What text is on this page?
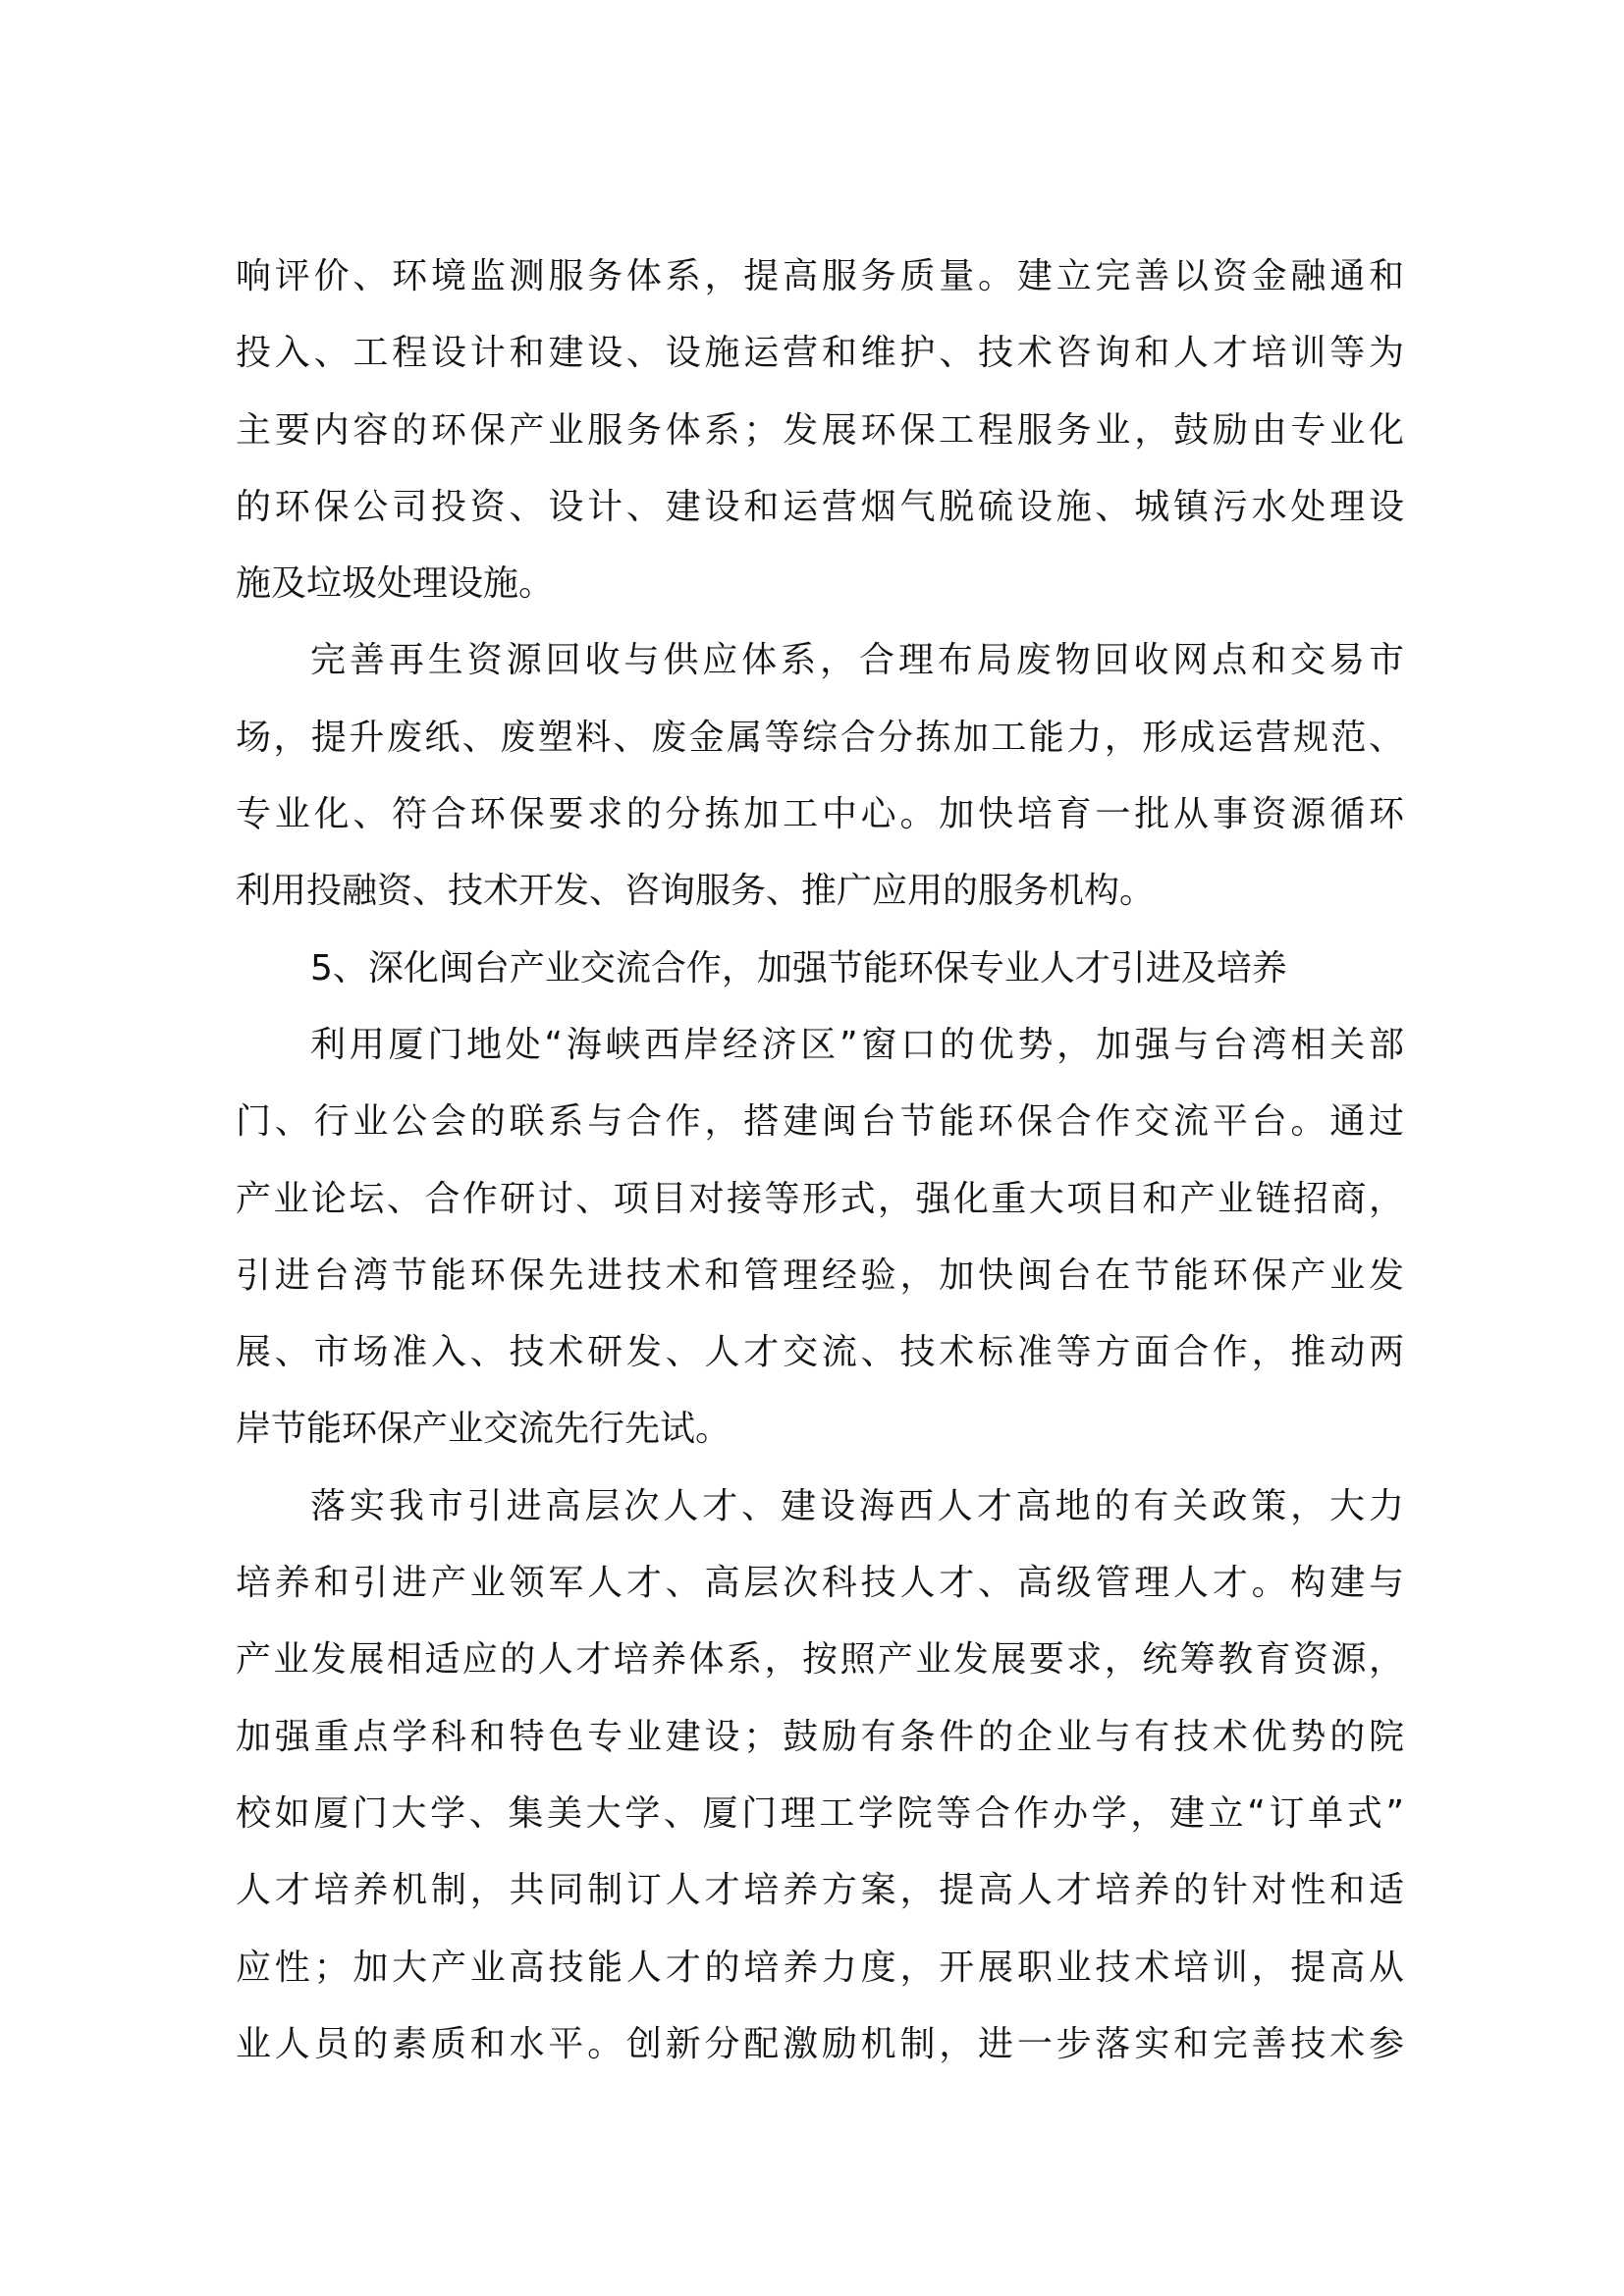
响评价、环境监测服务体系，提高服务质量。建立完善以资金融通和
投入、工程设计和建设、设施运营和维护、技术咨询和人才培训等为
主要内容的环保产业服务体系；发展环保工程服务业，鼓励由专业化
的环保公司投资、设计、建设和运营烟气脱硫设施、城镇污水处理设
施及垃圾处理设施。
完善再生资源回收与供应体系，合理布局废物回收网点和交易市
场，提升废纸、废塑料、废金属等综合分拣加工能力，形成运营规范、
专业化、符合环保要求的分拣加工中心。加快培育一批从事资源循环
利用投融资、技术开发、咨询服务、推广应用的服务机构。
5、深化闽台产业交流合作，加强节能环保专业人才引进及培养
利用厦门地处“海峡西岸经济区”窗口的优势，加强与台湾相关部
门、行业公会的联系与合作，搭建闽台节能环保合作交流平台。通过
产业论坛、合作研讨、项目对接等形式，强化重大项目和产业链招商，
引进台湾节能环保先进技术和管理经验，加快闽台在节能环保产业发
展、市场准入、技术研发、人才交流、技术标准等方面合作，推动两
岸节能环保产业交流先行先试。
落实我市引进高层次人才、建设海西人才高地的有关政策，大力
培养和引进产业领军人才、高层次科技人才、高级管理人才。构建与
产业发展相适应的人才培养体系，按照产业发展要求，统筹教育资源，
加强重点学科和特色专业建设；鼓励有条件的企业与有技术优势的院
校如厦门大学、集美大学、厦门理工学院等合作办学，建立“订单式”
人才培养机制，共同制订人才培养方案，提高人才培养的针对性和适
应性；加大产业高技能人才的培养力度，开展职业技术培训，提高从
业人员的素质和水平。创新分配激励机制，进一步落实和完善技术参
